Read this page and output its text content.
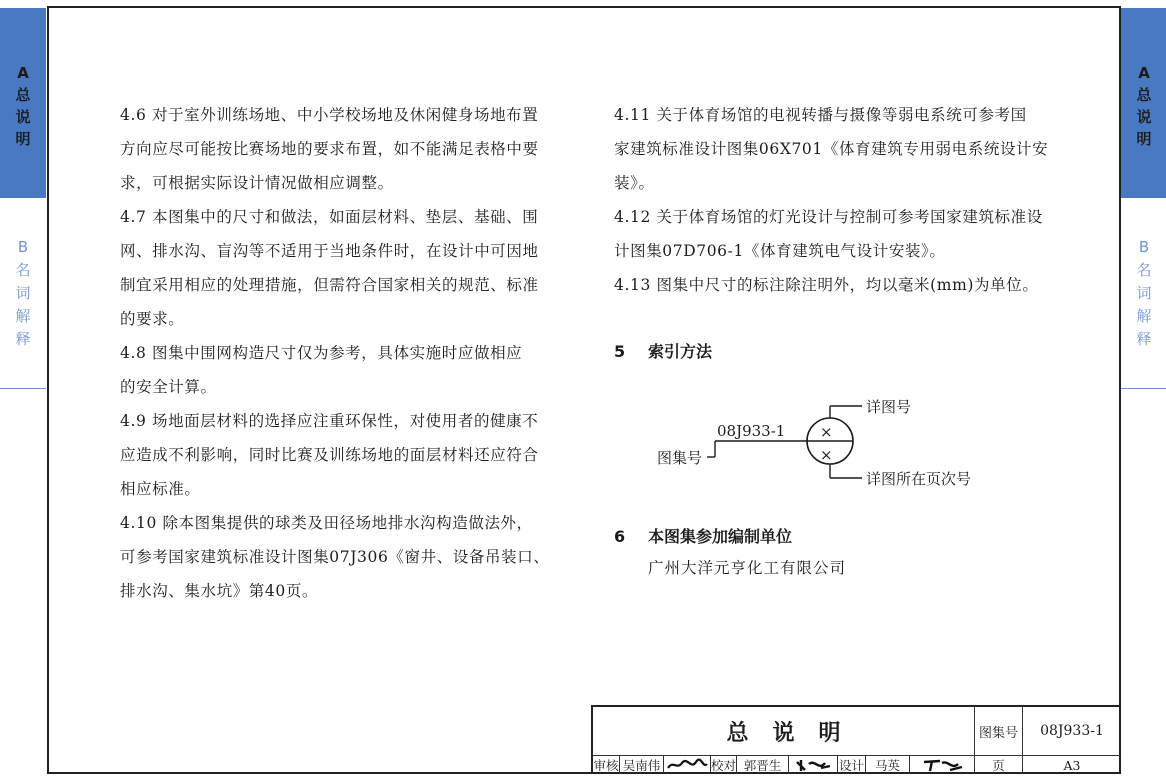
A
总
说
明
B
名
词
解
释
A
总
说
明
B
名
词
解
释

4.6 对于室外训练场地、中小学校场地及休闲健身场地布置

方向应尽可能按比赛场地的要求布置，如不能满足表格中要

求，可根据实际设计情况做相应调整。

4.7 本图集中的尺寸和做法，如面层材料、垫层、基础、围

网、排水沟、盲沟等不适用于当地条件时，在设计中可因地

制宜采用相应的处理措施，但需符合国家相关的规范、标准

的要求。

4.8 图集中围网构造尺寸仅为参考，具体实施时应做相应

的安全计算。

4.9 场地面层材料的选择应注重环保性，对使用者的健康不

应造成不利影响，同时比赛及训练场地的面层材料还应符合

相应标准。

4.10 除本图集提供的球类及田径场地排水沟构造做法外，

可参考国家建筑标准设计图集07J306《窗井、设备吊装口、

排水沟、集水坑》第40页。

4.11 关于体育场馆的电视转播与摄像等弱电系统可参考国

家建筑标准设计图集06X701《体育建筑专用弱电系统设计安

装》。

4.12 关于体育场馆的灯光设计与控制可参考国家建筑标准设

计图集07D706-1《体育建筑电气设计安装》。

4.13 图集中尺寸的标注除注明外，均以毫米(mm)为单位。

5 索引方法
×
×
08J933-1
图集号
详图号
详图所在页次号
6 本图集参加编制单位
广州大洋元亨化工有限公司
总说明	图集号	08J933-1
审核 吴南伟	校对 郭晋生	设计 马英	页	A3
